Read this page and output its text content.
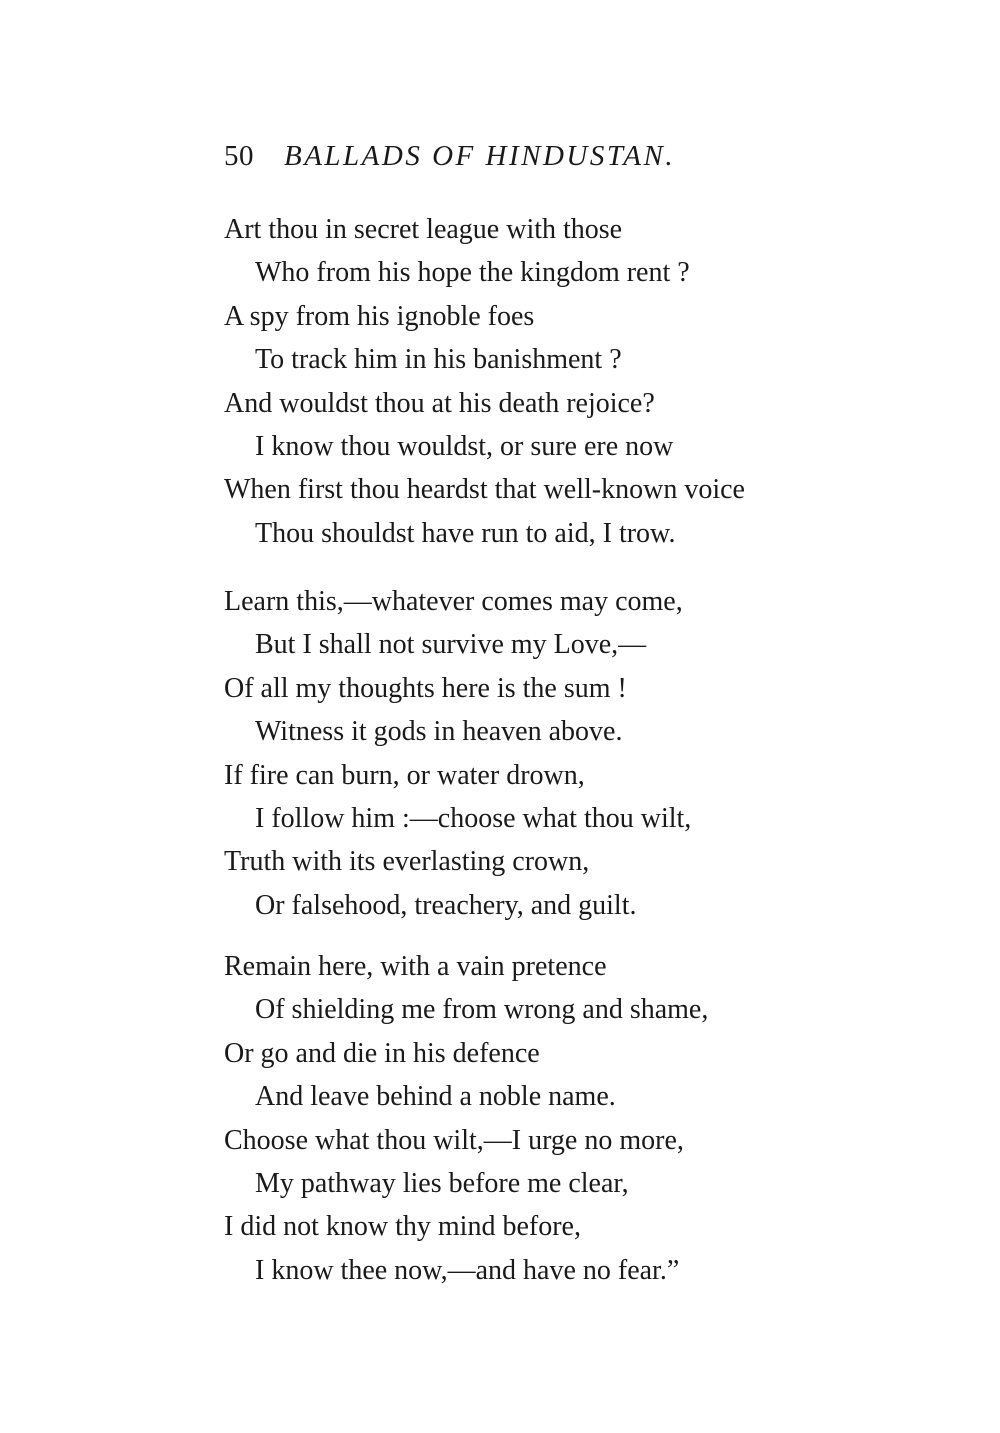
50 BALLADS OF HINDUSTAN.
Art thou in secret league with those
Who from his hope the kingdom rent ?
A spy from his ignoble foes
To track him in his banishment ?
And wouldst thou at his death rejoice?
I know thou wouldst, or sure ere now
When first thou heardst that well-known voice
Thou shouldst have run to aid, I trow.
Learn this,—whatever comes may come,
But I shall not survive my Love,—
Of all my thoughts here is the sum !
Witness it gods in heaven above.
If fire can burn, or water drown,
I follow him :—choose what thou wilt,
Truth with its everlasting crown,
Or falsehood, treachery, and guilt.
Remain here, with a vain pretence
Of shielding me from wrong and shame,
Or go and die in his defence
And leave behind a noble name.
Choose what thou wilt,—I urge no more,
My pathway lies before me clear,
I did not know thy mind before,
I know thee now,—and have no fear.”
